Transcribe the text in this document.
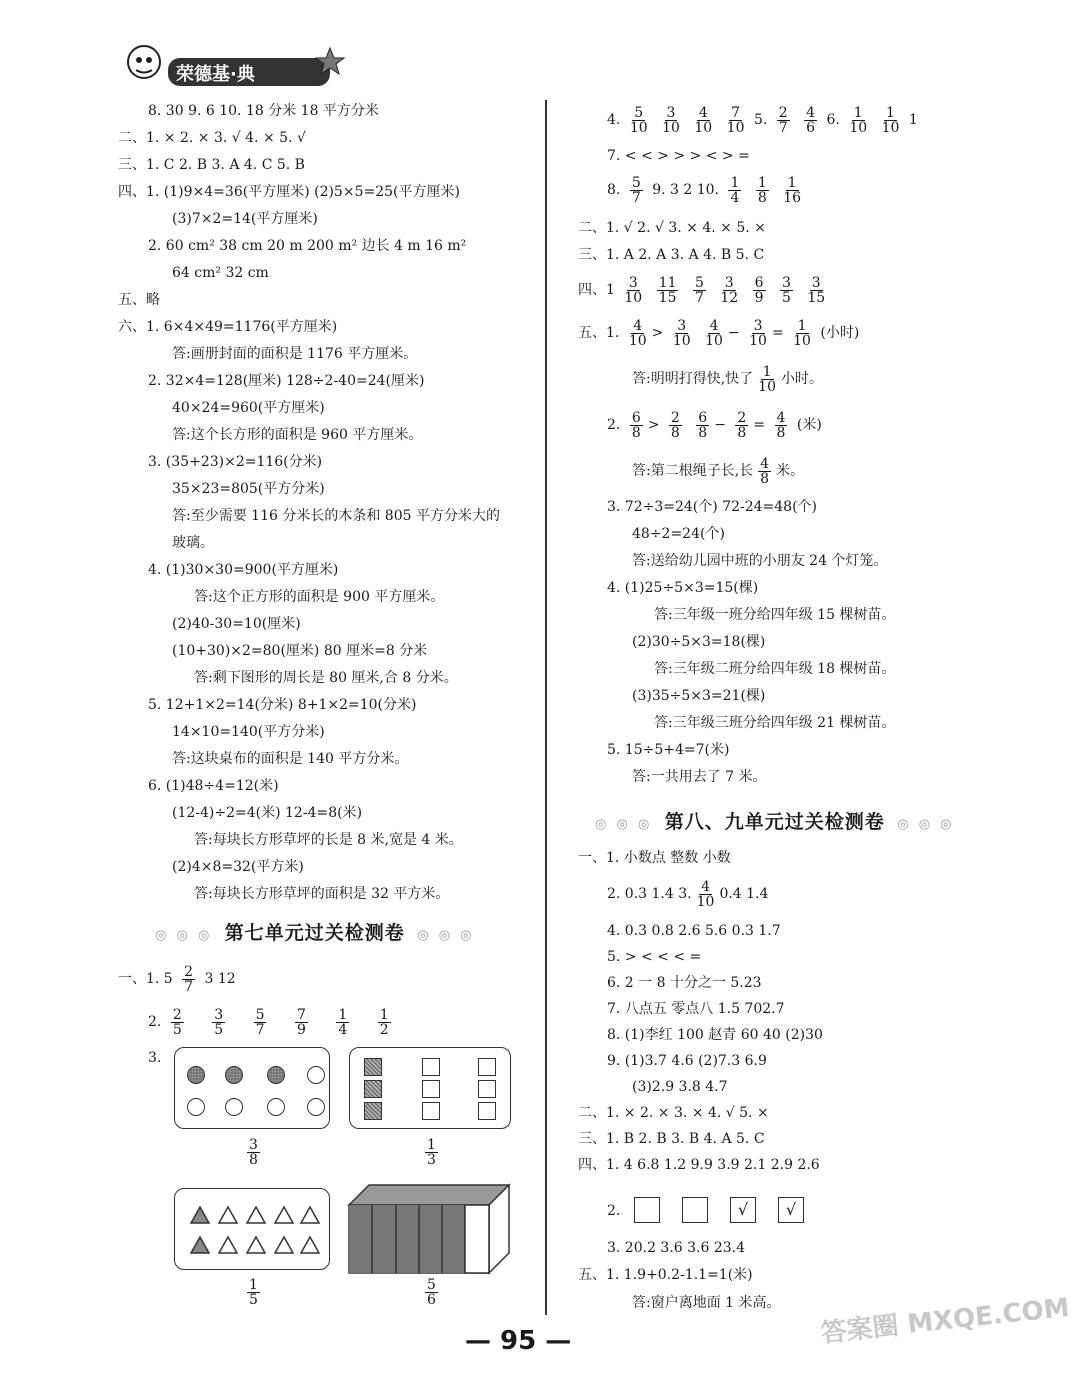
荣德基·典
8. 30 9. 6 10. 18 分米 18 平方分米
二、1. × 2. × 3. √ 4. × 5. √
三、1. C 2. B 3. A 4. C 5. B
四、1. (1)9×4=36(平方厘米) (2)5×5=25(平方厘米)
(3)7×2=14(平方厘米)
2. 60 cm² 38 cm 20 m 200 m² 边长 4 m 16 m²
64 cm² 32 cm
五、略
六、1. 6×4×49=1176(平方厘米)
答:画册封面的面积是 1176 平方厘米。
2. 32×4=128(厘米) 128÷2-40=24(厘米)
40×24=960(平方厘米)
答:这个长方形的面积是 960 平方厘米。
3. (35+23)×2=116(分米)
35×23=805(平方分米)
答:至少需要 116 分米长的木条和 805 平方分米大的
玻璃。
4. (1)30×30=900(平方厘米)
答:这个正方形的面积是 900 平方厘米。
(2)40-30=10(厘米)
(10+30)×2=80(厘米) 80 厘米=8 分米
答:剩下图形的周长是 80 厘米,合 8 分米。
5. 12+1×2=14(分米) 8+1×2=10(分米)
14×10=140(平方分米)
答:这块桌布的面积是 140 平方分米。
6. (1)48÷4=12(米)
(12-4)÷2=4(米) 12-4=8(米)
答:每块长方形草坪的长是 8 米,宽是 4 米。
(2)4×8=32(平方米)
答:每块长方形草坪的面积是 32 平方米。
◎ ◎ ◎ 第七单元过关检测卷 ◎ ◎ ◎
一、1. $5 \frac{2}{7} 3$ 12
2. $\frac{2}{5}$
$\frac{3}{5}$
$\frac{5}{7}$
$\frac{7}{9}$
$\frac{1}{4}$
$\frac{1}{2}$
3.
$\frac{3}{8}$	$\frac{1}{3}$
$\frac{1}{5}$	$\frac{5}{6}$
4. $\frac{5}{10}$
$\frac{3}{10}$
$\frac{4}{10}$
$\frac{7}{10} 5$. $\frac{2}{7}$
$\frac{4}{6} 6$. $\frac{1}{10}$
$\frac{1}{10} 1$
7. < < > > > < > =
8. $\frac{5}{7} 9$. 3 2 10. $\frac{1}{4}$
$\frac{1}{8}$
$\frac{1}{16}$
二、1. √ 2. √ 3. × 4. × 5. ×
三、1. A 2. A 3. A 4. B 5. C
四、$1 \frac{3}{10}$
$\frac{11}{15}$
$\frac{5}{7}$
$\frac{3}{12}$
$\frac{6}{9}$
$\frac{3}{5}$
$\frac{3}{15}$
五、1. $\frac{4}{10} > \frac{3}{10}$
$\frac{4}{10} - \frac{3}{10} = \frac{1}{10}$ (小时)
答:明明打得快,快了 $\frac{1}{10}$ 小时。
2. $\frac{6}{8} > \frac{2}{8}$
$\frac{6}{8} - \frac{2}{8} = \frac{4}{8}$ (米)
答:第二根绳子长,长 $\frac{4}{8}$ 米。
3. 72÷3=24(个) 72-24=48(个)
48÷2=24(个)
答:送给幼儿园中班的小朋友 24 个灯笼。
4. (1)25÷5×3=15(棵)
答:三年级一班分给四年级 15 棵树苗。
(2)30÷5×3=18(棵)
答:三年级二班分给四年级 18 棵树苗。
(3)35÷5×3=21(棵)
答:三年级三班分给四年级 21 棵树苗。
5. 15÷5+4=7(米)
答:一共用去了 7 米。
◎ ◎ ◎ 第八、九单元过关检测卷 ◎ ◎ ◎
一、1. 小数点 整数 小数
2. 0.3 1.4 3. $\frac{4}{10} 0.4$ 1.4
4. 0.3 0.8 2.6 5.6 0.3 1.7
5. > < < < =
6. 2 一 8 十分之一 5.23
7. 八点五 零点八 1.5 702.7
8. (1)李红 100 赵青 60 40 (2)30
9. (1)3.7 4.6 (2)7.3 6.9
(3)2.9 3.8 4.7
二、1. × 2. × 3. × 4. √ 5. ×
三、1. B 2. B 3. B 4. A 5. C
四、1. 4 6.8 1.2 9.9 3.9 2.1 2.9 2.6
2.	√	√
3. 20.2 3.6 3.6 23.4
五、1. 1.9+0.2-1.1=1(米)
答:窗户离地面 1 米高。
— 95 —	答案圈 MXQE.COM
